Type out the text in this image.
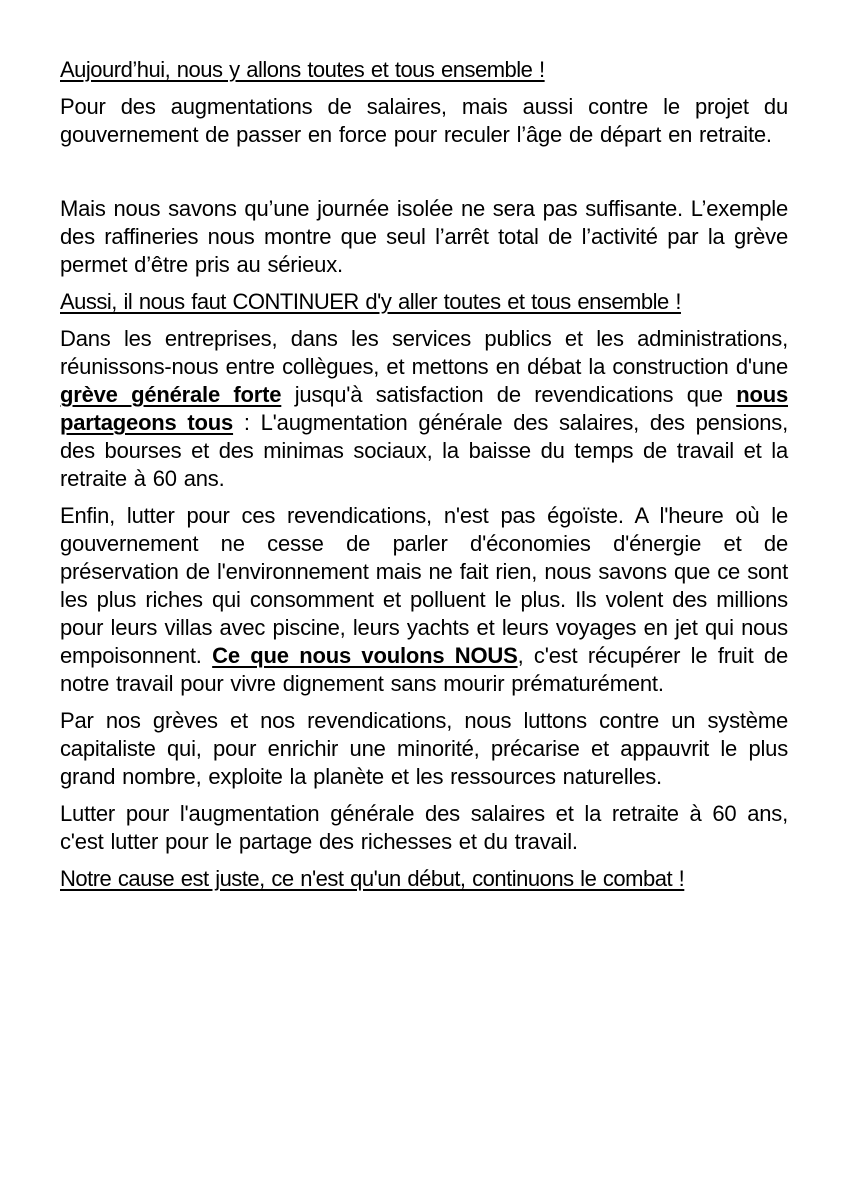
Aujourd’hui, nous y allons toutes et tous ensemble !

Pour des augmentations de salaires, mais aussi contre le projet du gouvernement de passer en force pour reculer l’âge de départ en retraite.

Mais nous savons qu’une journée isolée ne sera pas suffisante. L’exemple des raffineries nous montre que seul l’arrêt total de l’activité par la grève permet d’être pris au sérieux.

Aussi, il nous faut CONTINUER d'y aller toutes et tous ensemble !

Dans les entreprises, dans les services publics et les administrations, réunissons-nous entre collègues, et mettons en débat la construction d'une grève générale forte jusqu'à satisfaction de revendications que nous partageons tous : L'augmentation générale des salaires, des pensions, des bourses et des minimas sociaux, la baisse du temps de travail et la retraite à 60 ans.

Enfin, lutter pour ces revendications, n'est pas égoïste. A l'heure où le gouvernement ne cesse de parler d'économies d'énergie et de préservation de l'environnement mais ne fait rien, nous savons que ce sont les plus riches qui consomment et polluent le plus. Ils volent des millions pour leurs villas avec piscine, leurs yachts et leurs voyages en jet qui nous empoisonnent. Ce que nous voulons NOUS, c'est récupérer le fruit de notre travail pour vivre dignement sans mourir prématurément.

Par nos grèves et nos revendications, nous luttons contre un système capitaliste qui, pour enrichir une minorité, précarise et appauvrit le plus grand nombre, exploite la planète et les ressources naturelles.

Lutter pour l'augmentation générale des salaires et la retraite à 60 ans, c'est lutter pour le partage des richesses et du travail.

Notre cause est juste, ce n'est qu'un début, continuons le combat !
